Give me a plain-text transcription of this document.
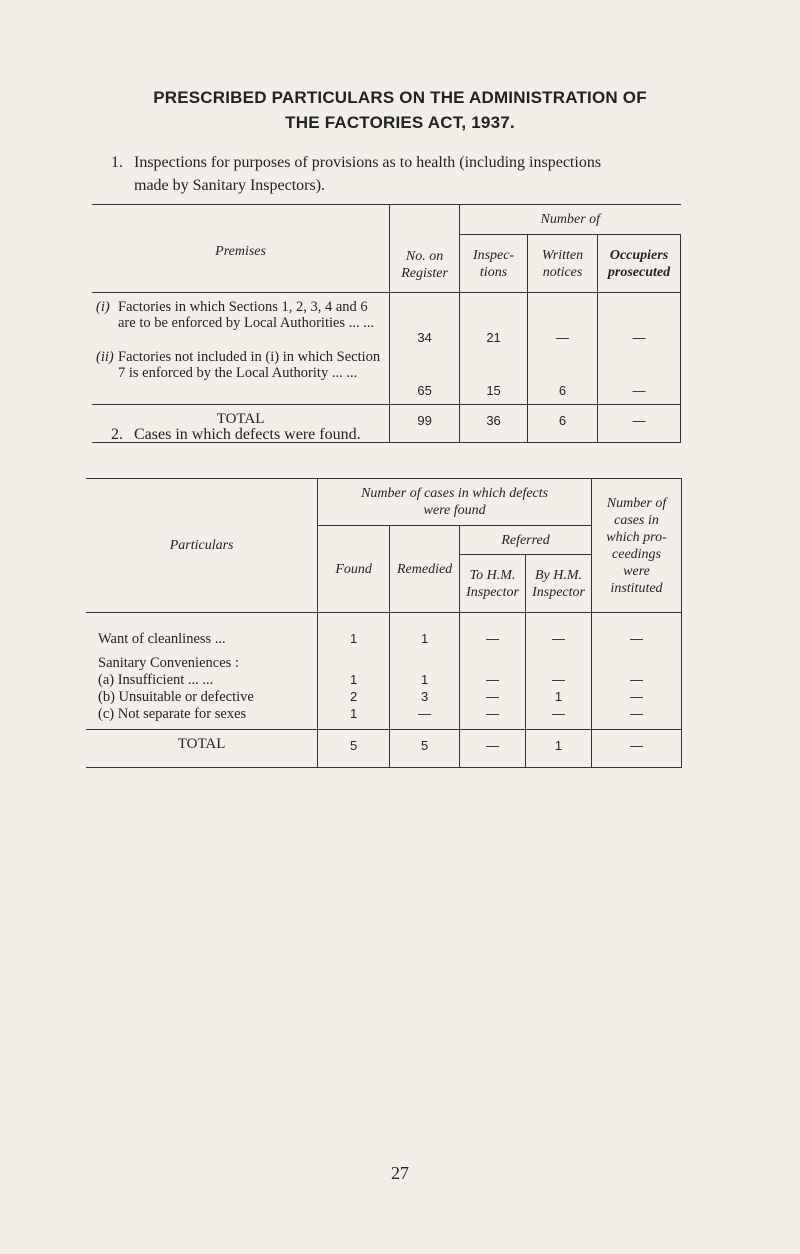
PRESCRIBED PARTICULARS ON THE ADMINISTRATION OF
THE FACTORIES ACT, 1937.
1. Inspections for purposes of provisions as to health (including inspections
made by Sanitary Inspectors).
Premises	No. on Register	Number of		
		Inspec- tions	Written notices	Occupiers prosecuted

(i) Factories in which Sections 1, 2, 3, 4 and 6 are to be enforced by Local Authorities ... ...	34	21	—	—

(ii) Factories not included in (i) in which Section 7 is enforced by the Local Authority ... ...	65	15	6	—
TOTAL	99	36	6	—
2. Cases in which defects were found.
Particulars	Number of cases in which defects were found				Number of cases in which pro- ceedings were instituted
	Found	Remedied	Referred		
			To H.M. Inspector	By H.M. Inspector	
Want of cleanliness ...	1	1	—	—	—
Sanitary Conveniences :					
(a) Insufficient ... ...	1	1	—	—	—
(b) Unsuitable or defective	2	3	—	1	—
(c) Not separate for sexes	1	—	—	—	—
TOTAL	5	5	—	1	—
27
